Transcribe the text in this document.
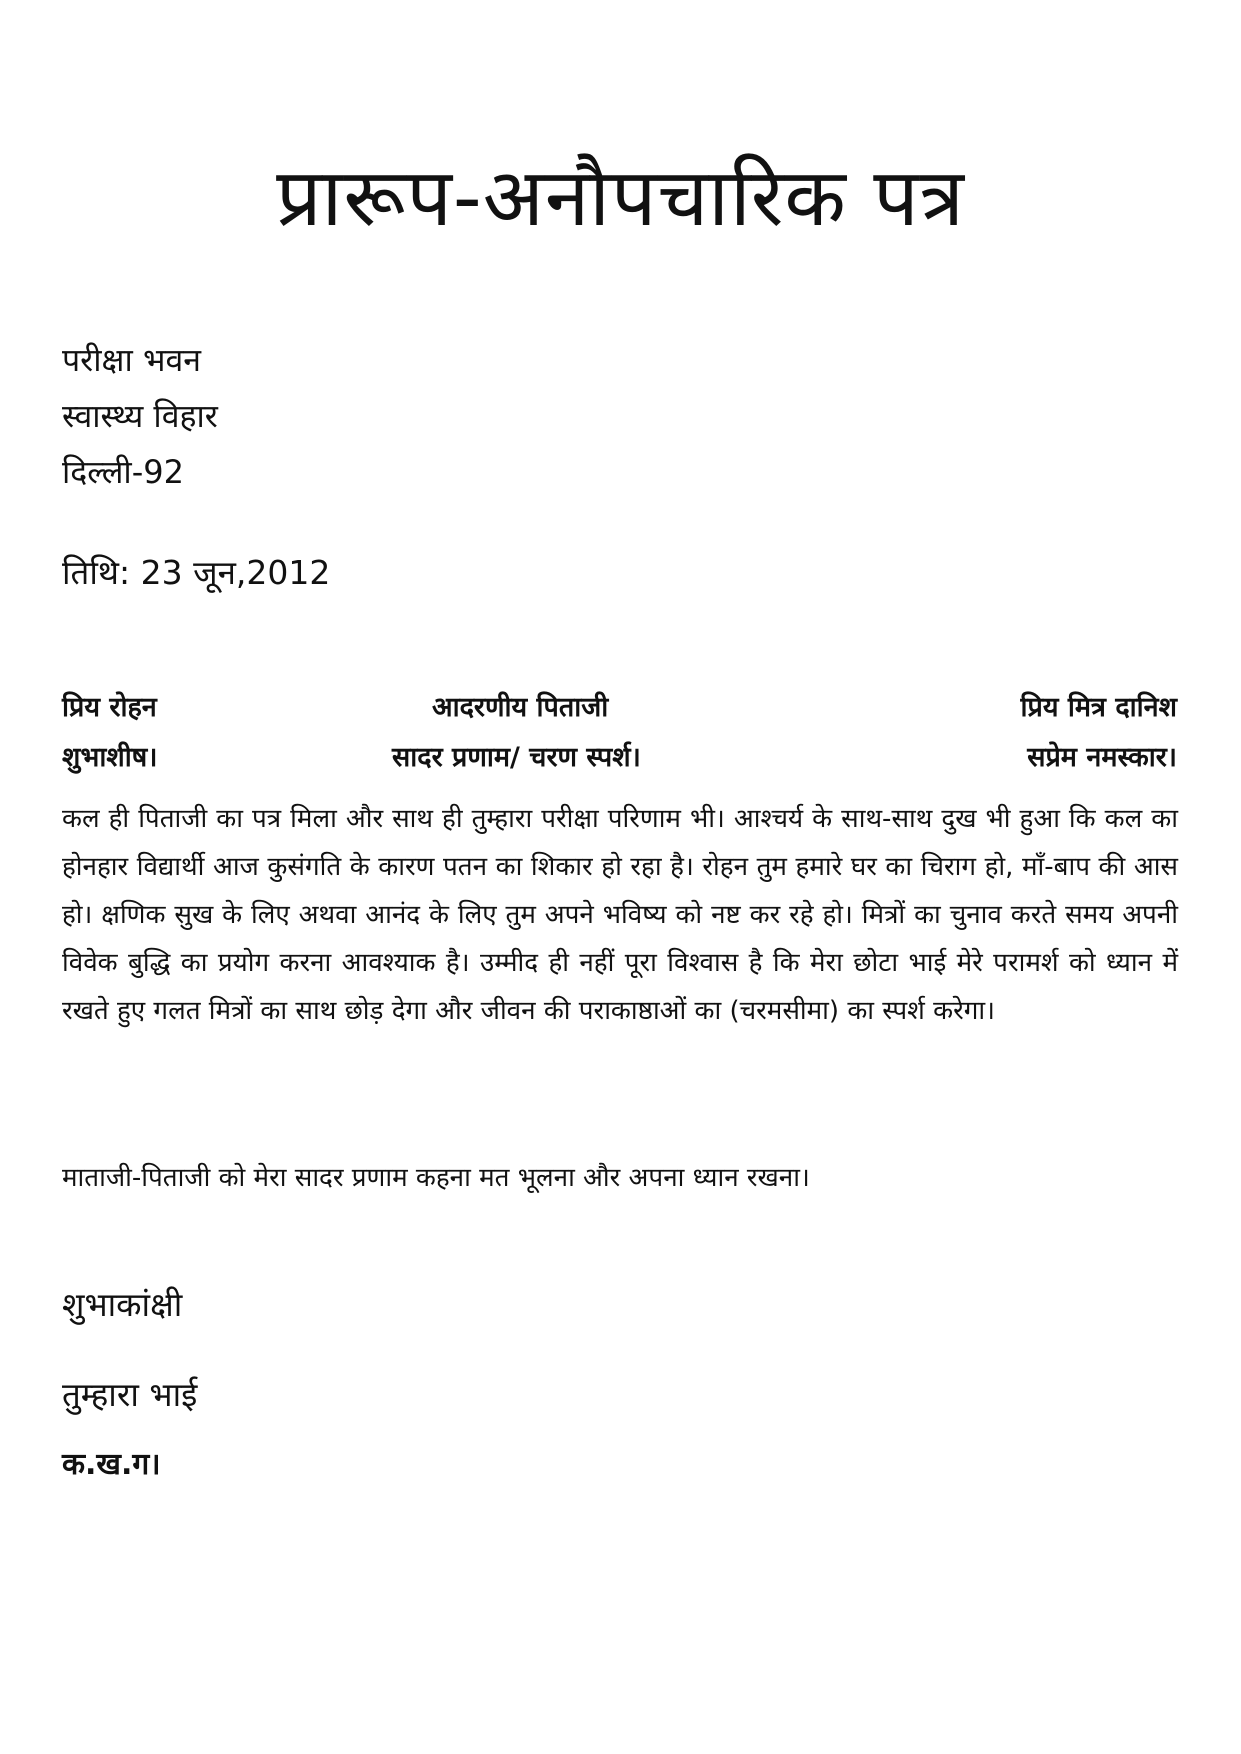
प्रारूप-अनौपचारिक पत्र
परीक्षा भवन
स्वास्थ्य विहार
दिल्ली-92
तिथि: 23 जून,2012
प्रिय रोहन	आदरणीय पिताजी	प्रिय मित्र दानिश
शुभाशीष।	सादर प्रणाम/ चरण स्पर्श।	सप्रेम नमस्कार।

कल ही पिताजी का पत्र मिला और साथ ही तुम्हारा परीक्षा परिणाम भी। आश्चर्य के साथ-साथ दुख भी हुआ कि कल का होनहार विद्यार्थी आज कुसंगति के कारण पतन का शिकार हो रहा है। रोहन तुम हमारे घर का चिराग हो, माँ-बाप की आस हो। क्षणिक सुख के लिए अथवा आनंद के लिए तुम अपने भविष्य को नष्ट कर रहे हो। मित्रों का चुनाव करते समय अपनी विवेक बुद्धि का प्रयोग करना आवश्याक है। उम्मीद ही नहीं पूरा विश्वास है कि मेरा छोटा भाई मेरे परामर्श को ध्यान में रखते हुए गलत मित्रों का साथ छोड़ देगा और जीवन की पराकाष्ठाओं का (चरमसीमा) का स्पर्श करेगा।

माताजी-पिताजी को मेरा सादर प्रणाम कहना मत भूलना और अपना ध्यान रखना।
शुभाकांक्षी
तुम्हारा भाई
क.ख.ग।
